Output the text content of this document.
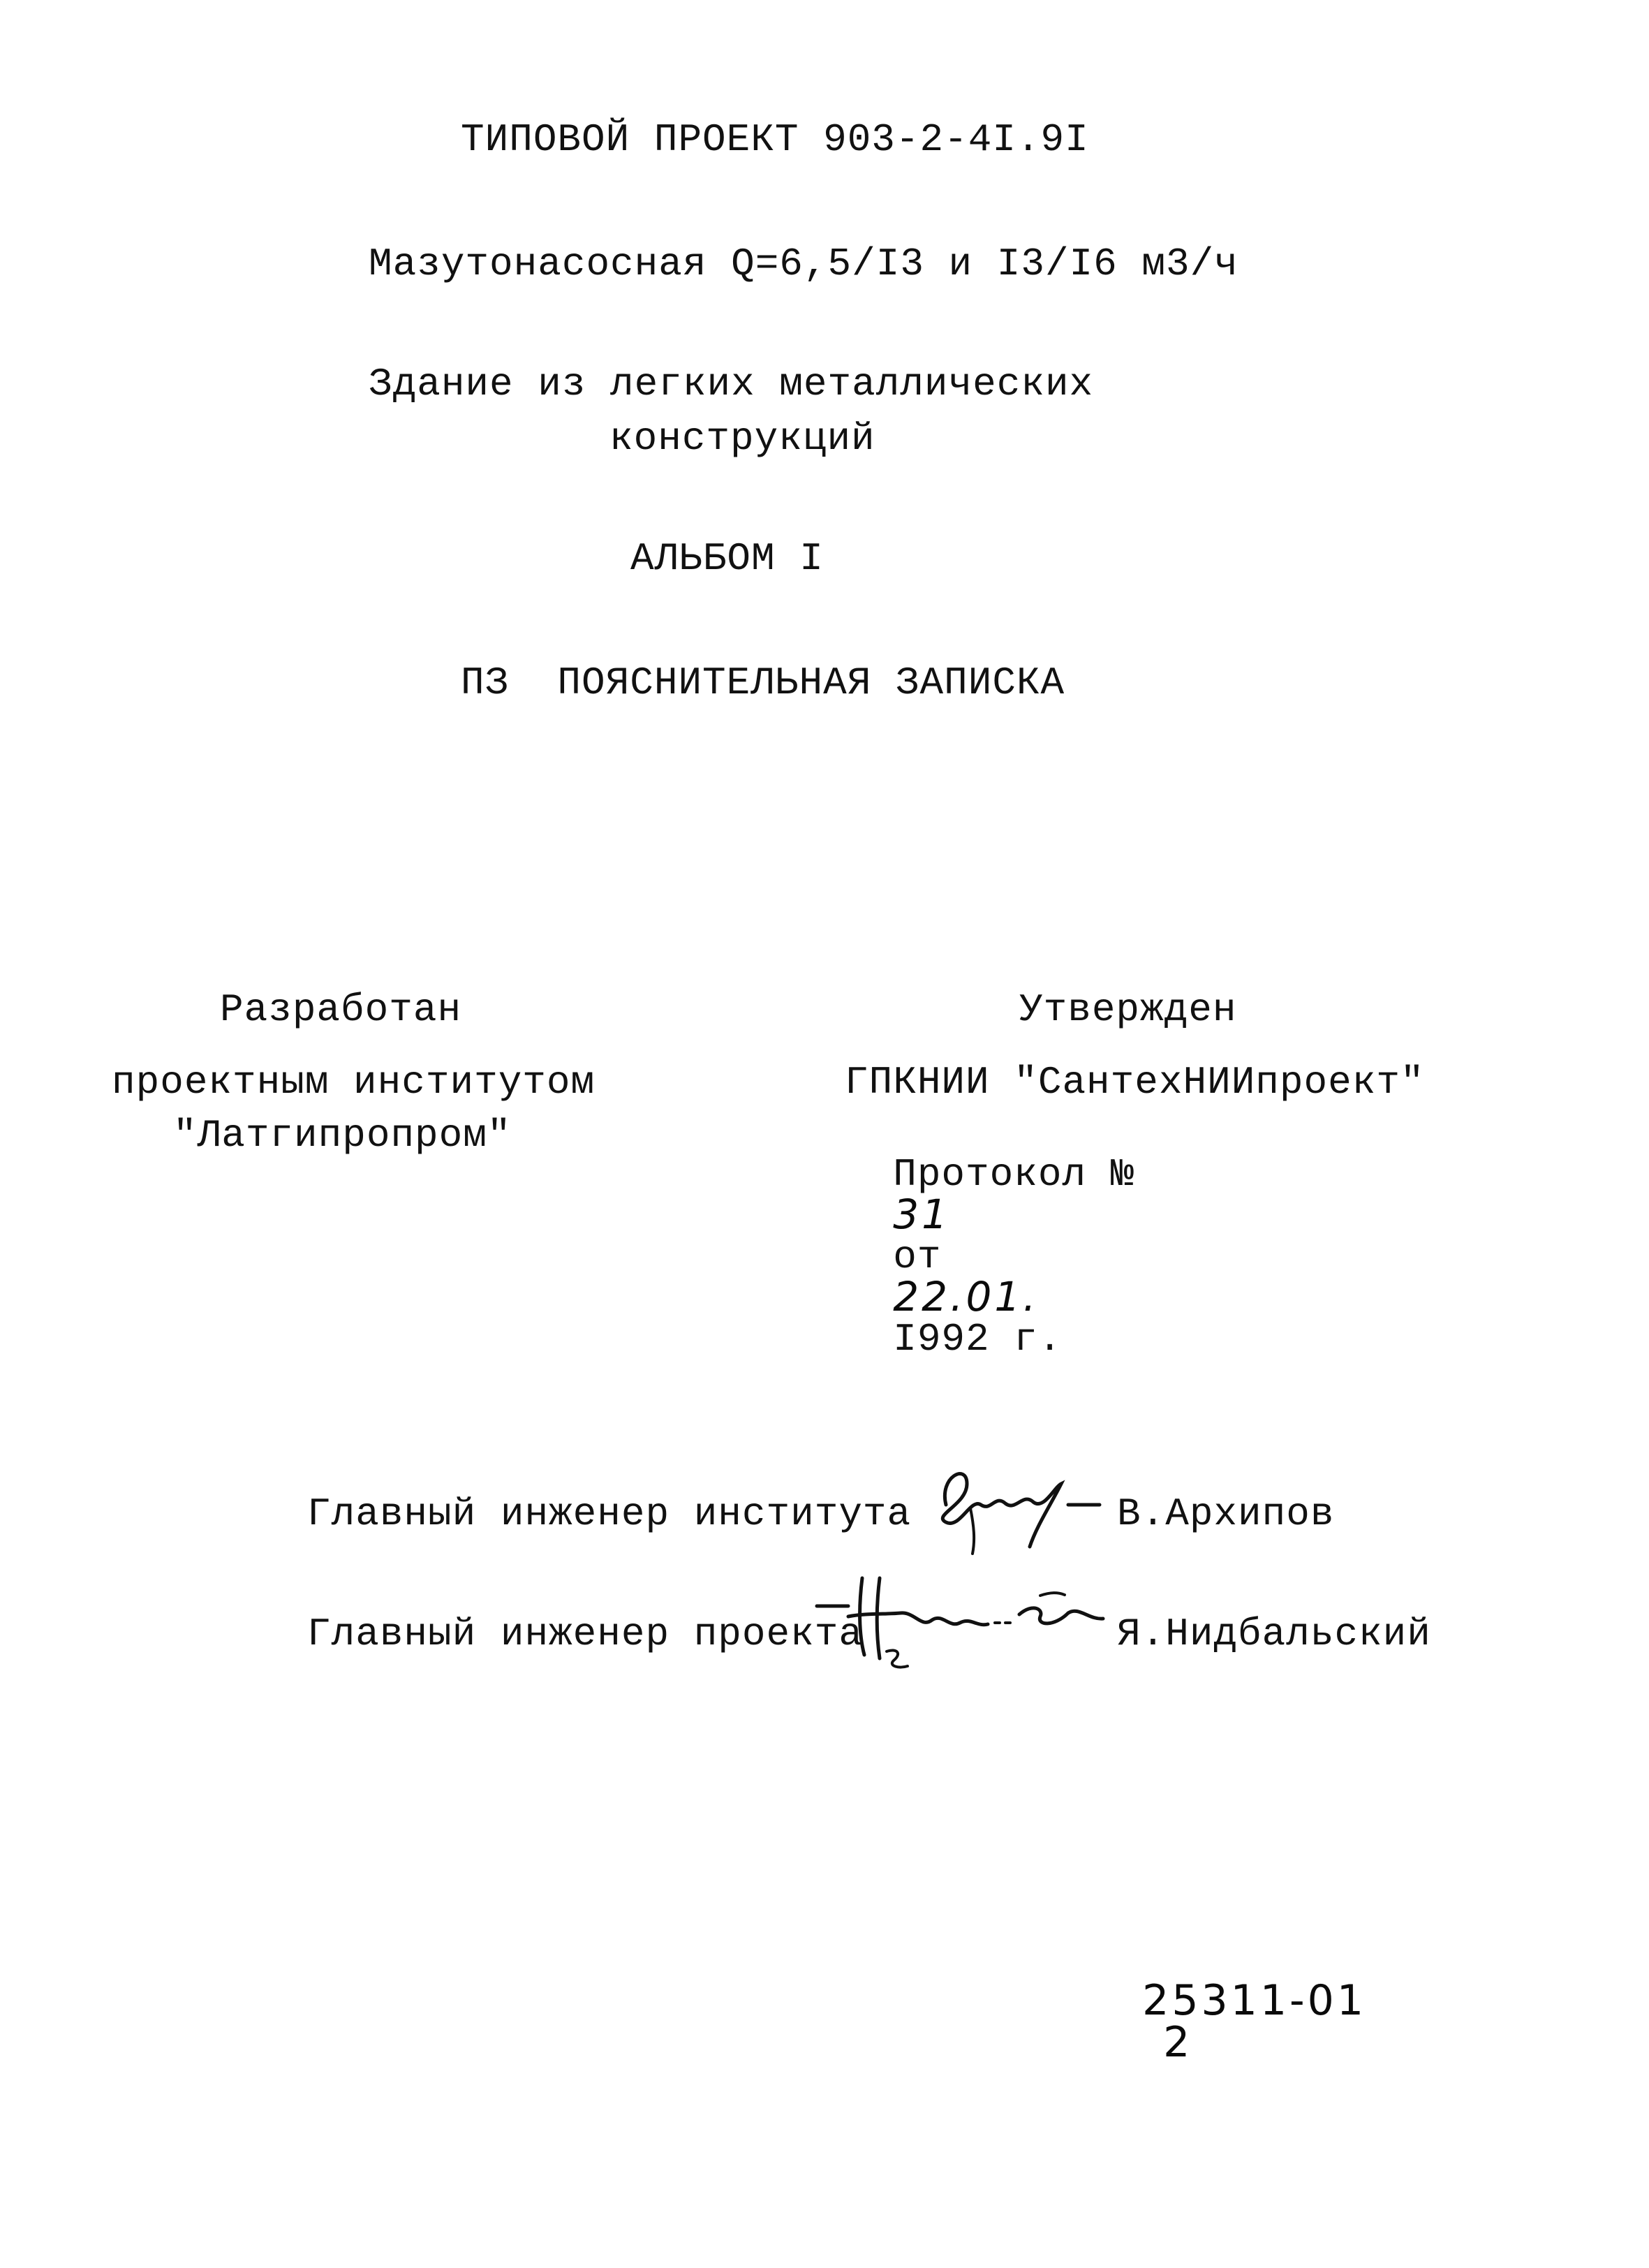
ТИПОВОЙ ПРОЕКТ 903-2-4I.9I
Мазутонасосная Q=6,5/I3 и I3/I6 м3/ч
Здание из легких металлических
конструкций
АЛЬБОМ I
ПЗ  ПОЯСНИТЕЛЬНАЯ ЗАПИСКА
Разработан
проектным институтом
"Латгипропром"
Утвержден
ГПКНИИ "СантехНИИпроект"

Протокол №
31
от
22.01.
I992 г.

Главный инженер института	В.Архипов
Главный инженер проекта	Я.Нидбальский

25311-01
2
